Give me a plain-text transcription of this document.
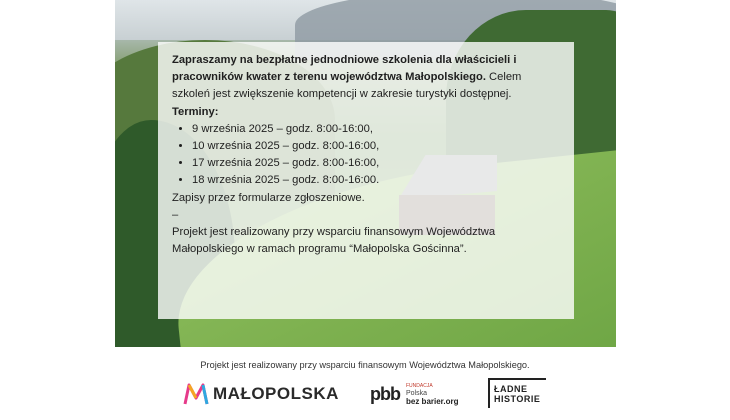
Zapraszamy na bezpłatne jednodniowe szkolenia dla właścicieli i pracowników kwater z terenu województwa Małopolskiego. Celem szkoleń jest zwiększenie kompetencji w zakresie turystyki dostępnej.

Terminy:

• 9 września 2025 – godz. 8:00-16:00,
• 10 września 2025 – godz. 8:00-16:00,
• 17 września 2025 – godz. 8:00-16:00,
• 18 września 2025 – godz. 8:00-16:00.

Zapisy przez formularze zgłoszeniowe.

–

Projekt jest realizowany przy wsparciu finansowym Województwa Małopolskiego w ramach programu “Małopolska Gościnna”.

Projekt jest realizowany przy wsparciu finansowym Województwa Małopolskiego.
MAŁOPOLSKA pbb FUNDACJA
Polska
bez barier.org
ŁADNE
HISTORIE
